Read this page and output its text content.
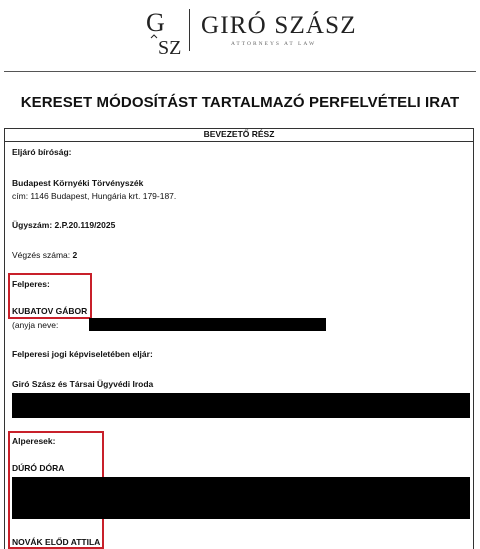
G
SZ
GIRÓ SZÁSZ
ATTORNEYS AT LAW
KERESET MÓDOSÍTÁST TARTALMAZÓ PERFELVÉTELI IRAT
BEVEZETŐ RÉSZ
Eljáró bíróság:
Budapest Környéki Törvényszék
cím: 1146 Budapest, Hungária krt. 179-187.
Ügyszám: 2.P.20.119/2025
Végzés száma: 2
Felperes:
KUBATOV GÁBOR
(anyja neve:
Felperesi jogi képviseletében eljár:
Giró Szász és Társai Ügyvédi Iroda
Alperesek:
DÚRÓ DÓRA
NOVÁK ELŐD ATTILA
